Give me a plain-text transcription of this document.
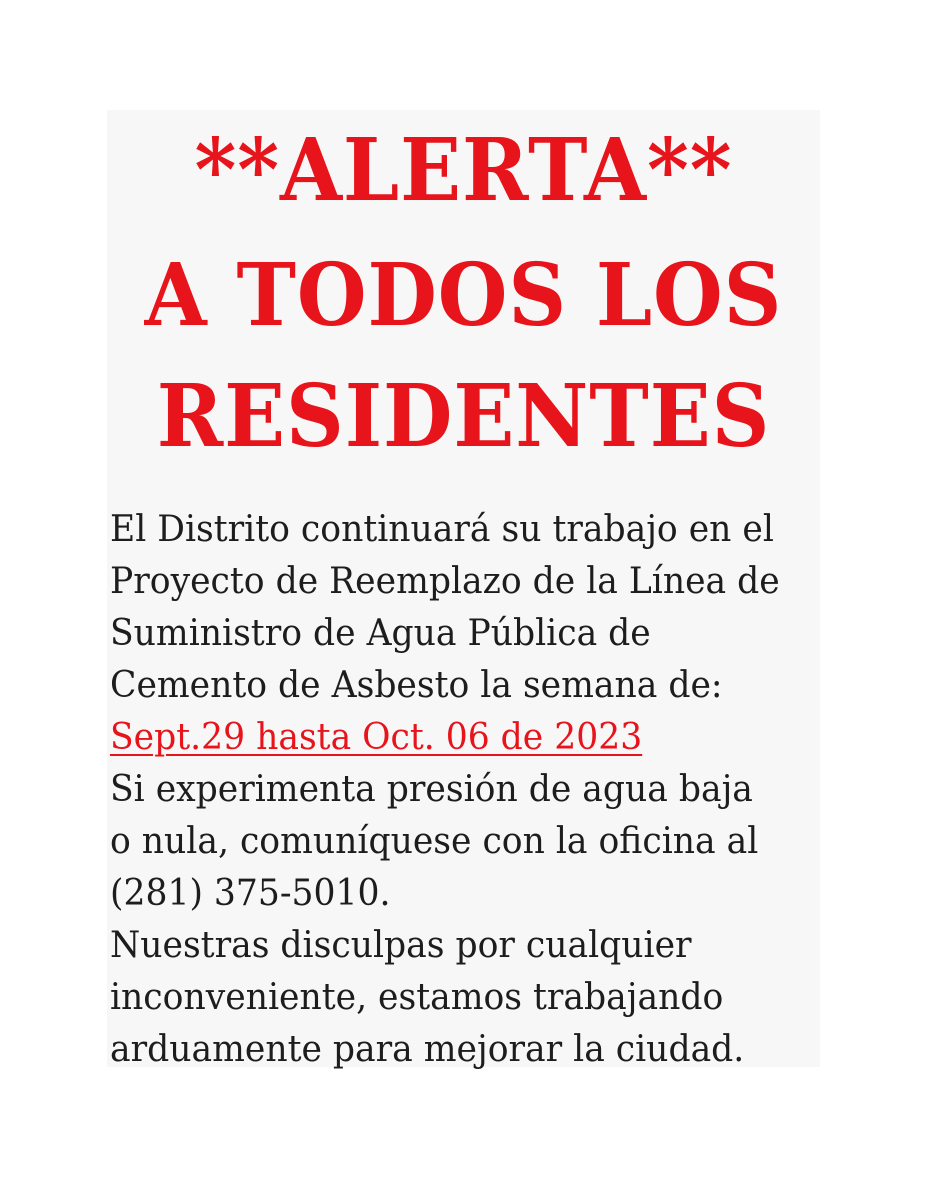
**ALERTA**
A TODOS LOS
RESIDENTES
El Distrito continuará su trabajo en el
Proyecto de Reemplazo de la Línea de
Suministro de Agua Pública de
Cemento de Asbesto la semana de:
Sept.29 hasta Oct. 06 de 2023
Si experimenta presión de agua baja
o nula, comuníquese con la oficina al
(281) 375-5010.
Nuestras disculpas por cualquier
inconveniente, estamos trabajando
arduamente para mejorar la ciudad.
